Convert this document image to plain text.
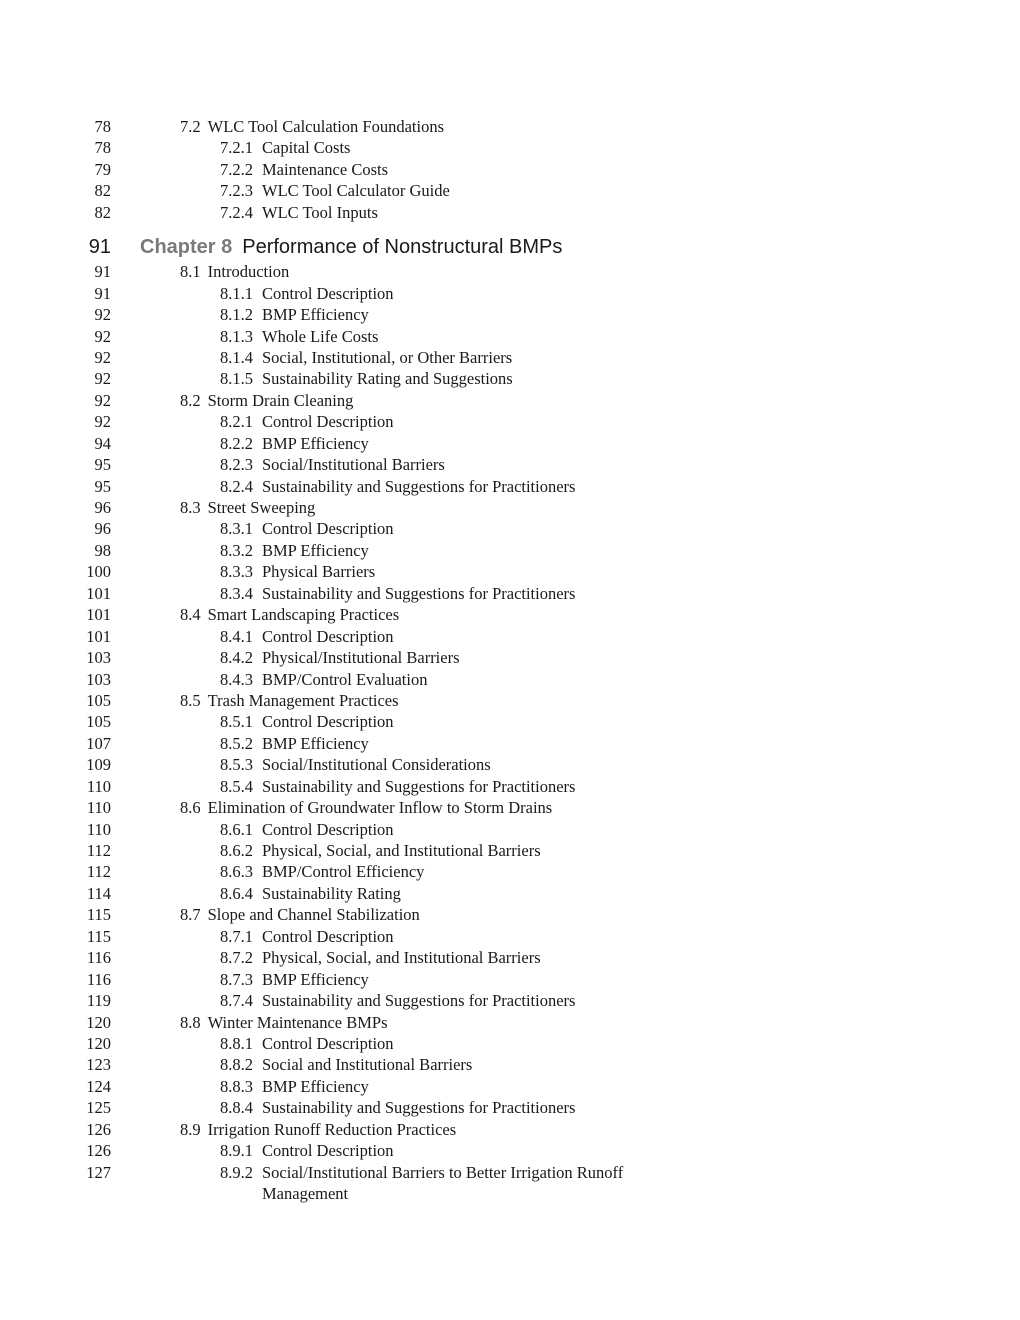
78	7.2 WLC Tool Calculation Foundations
78	7.2.1 Capital Costs
79	7.2.2 Maintenance Costs
82	7.2.3 WLC Tool Calculator Guide
82	7.2.4 WLC Tool Inputs
91 Chapter 8 Performance of Nonstructural BMPs
91	8.1 Introduction
91	8.1.1 Control Description
92	8.1.2 BMP Efficiency
92	8.1.3 Whole Life Costs
92	8.1.4 Social, Institutional, or Other Barriers
92	8.1.5 Sustainability Rating and Suggestions
92	8.2 Storm Drain Cleaning
92	8.2.1 Control Description
94	8.2.2 BMP Efficiency
95	8.2.3 Social/Institutional Barriers
95	8.2.4 Sustainability and Suggestions for Practitioners
96	8.3 Street Sweeping
96	8.3.1 Control Description
98	8.3.2 BMP Efficiency
100	8.3.3 Physical Barriers
101	8.3.4 Sustainability and Suggestions for Practitioners
101	8.4 Smart Landscaping Practices
101	8.4.1 Control Description
103	8.4.2 Physical/Institutional Barriers
103	8.4.3 BMP/Control Evaluation
105	8.5 Trash Management Practices
105	8.5.1 Control Description
107	8.5.2 BMP Efficiency
109	8.5.3 Social/Institutional Considerations
110	8.5.4 Sustainability and Suggestions for Practitioners
110	8.6 Elimination of Groundwater Inflow to Storm Drains
110	8.6.1 Control Description
112	8.6.2 Physical, Social, and Institutional Barriers
112	8.6.3 BMP/Control Efficiency
114	8.6.4 Sustainability Rating
115	8.7 Slope and Channel Stabilization
115	8.7.1 Control Description
116	8.7.2 Physical, Social, and Institutional Barriers
116	8.7.3 BMP Efficiency
119	8.7.4 Sustainability and Suggestions for Practitioners
120	8.8 Winter Maintenance BMPs
120	8.8.1 Control Description
123	8.8.2 Social and Institutional Barriers
124	8.8.3 BMP Efficiency
125	8.8.4 Sustainability and Suggestions for Practitioners
126	8.9 Irrigation Runoff Reduction Practices
126	8.9.1 Control Description
127	8.9.2 Social/Institutional Barriers to Better Irrigation Runoff
Management
